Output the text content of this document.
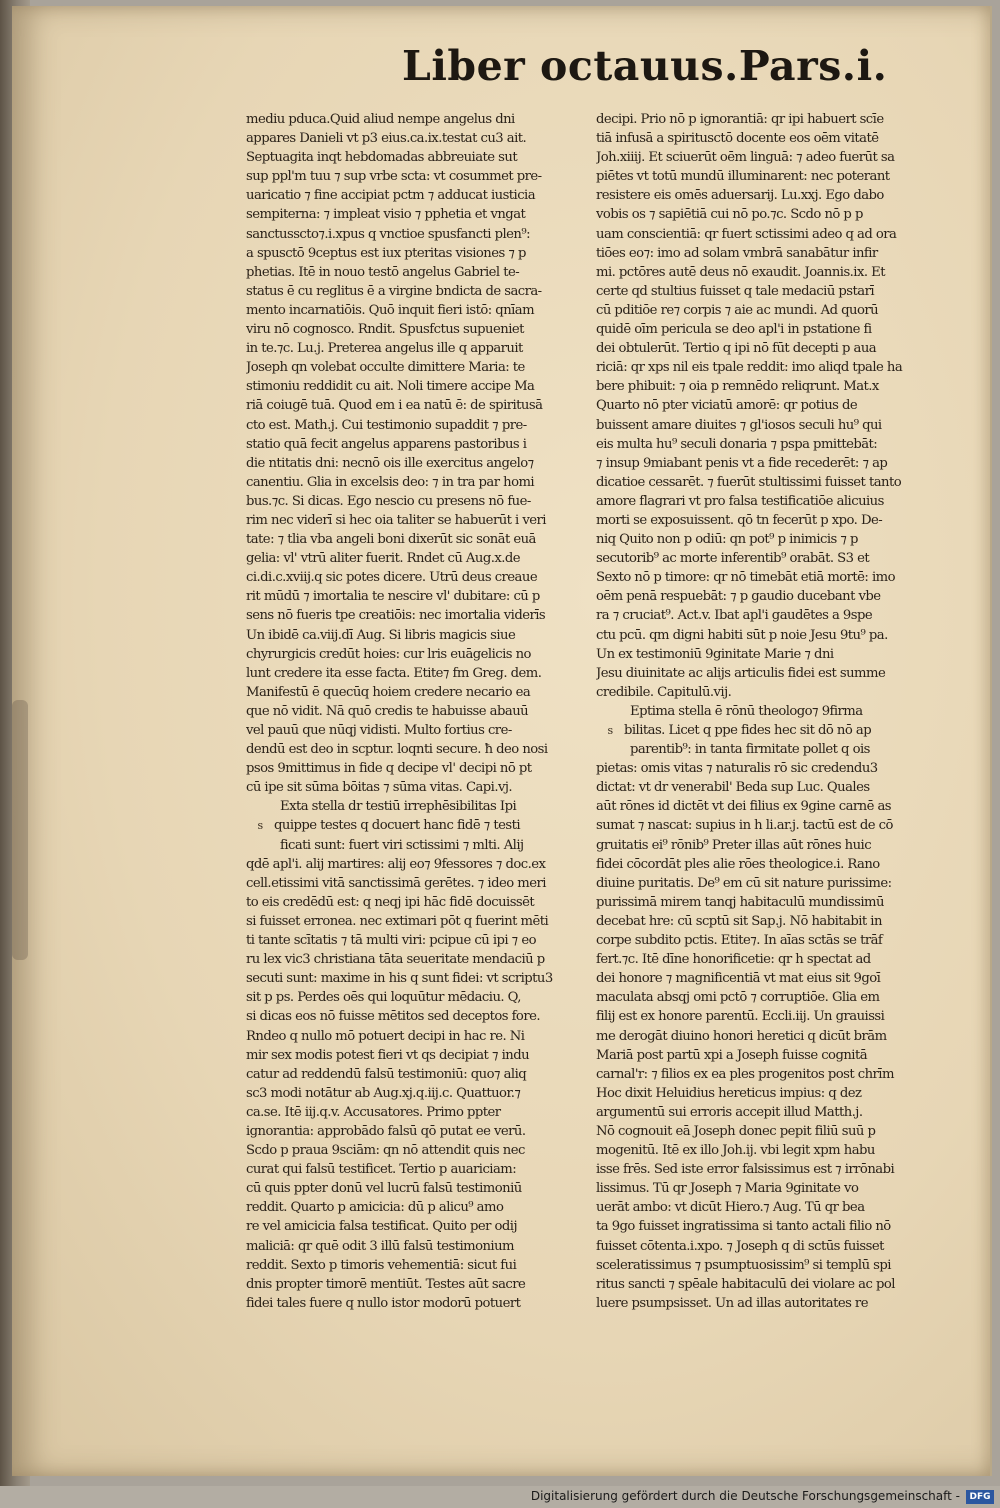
Liber octauus.Pars.i.

mediu pduca.Quid aliud nempe angelus dni

appares Danieli vt p3 eius.ca.ix.testat cu3 ait.

Septuagita inqt hebdomadas abbreuiate sut

sup ppl'm tuu ⁊ sup vrbe scta: vt cosummet pre-

uaricatio ⁊ fine accipiat pctm ⁊ adducat iusticia

sempiterna: ⁊ impleat visio ⁊ pphetia et vngat

sanctusscto⁊.i.xpus q vnctioe spusfancti plen⁹:

a spusctō 9ceptus est iux pteritas visiones ⁊ p

phetias. Itē in nouo testō angelus Gabriel te-

status ē cu reglitus ē a virgine bndicta de sacra-

mento incarnatiōis. Quō inquit fieri istō: qnīam

viru nō cognosco. Rndit. Spusfctus supueniet

in te.⁊c. Lu.j. Preterea angelus ille q apparuit

Joseph qn volebat occulte dimittere Maria: te

stimoniu reddidit cu ait. Noli timere accipe Ma

riā coiugē tuā. Quod em i ea natū ē: de spiritusā

cto est. Math.j. Cui testimonio supaddit ⁊ pre-

statio quā fecit angelus apparens pastoribus i

die ntitatis dni: necnō ois ille exercitus angelo⁊

canentiu. Glia in excelsis deo: ⁊ in tra par homi

bus.⁊c. Si dicas. Ego nescio cu presens nō fue-

rim nec viderī si hec oia taliter se habuerūt i veri

tate: ⁊ tlia vba angeli boni dixerūt sic sonāt euā

gelia: vl' vtrū aliter fuerit. Rndet cū Aug.x.de

ci.di.c.xviij.q sic potes dicere. Utrū deus creaue

rit mūdū ⁊ imortalia te nescire vl' dubitare: cū p

sens nō fueris tpe creatiōis: nec imortalia viderīs

Un ibidē ca.viij.dī Aug. Si libris magicis siue

chyrurgicis credūt hoies: cur lris euāgelicis no

lunt credere ita esse facta. Etite⁊ fm Greg. dem.

Manifestū ē quecūq hoiem credere necario ea

que nō vidit. Nā quō credis te habuisse abauū

vel pauū que nūqj vidisti. Multo fortius cre-

dendū est deo in scptur. loqnti secure. ħ deo nosi

psos 9mittimus in fide q decipe vl' decipi nō pt

cū ipe sit sūma bōitas ⁊ sūma vitas. Capi.vj.

Exta stella dr testiū irrephēsibilitas Ipi

s quippe testes q docuert hanc fidē ⁊ testi

ficati sunt: fuert viri sctissimi ⁊ mlti. Alij

qdē apl'i. alij martires: alij eo⁊ 9fessores ⁊ doc.ex

cell.etissimi vitā sanctissimā gerētes. ⁊ ideo meri

to eis credēdū est: q neqj ipi hāc fidē docuissēt

si fuisset erronea. nec extimari pōt q fuerint mēti

ti tante scītatis ⁊ tā multi viri: pcipue cū ipi ⁊ eo

ru lex vic3 christiana tāta seueritate mendaciū p

secuti sunt: maxime in his q sunt fidei: vt scriptu3

sit p ps. Perdes oēs qui loquūtur mēdaciu. Q,

si dicas eos nō fuisse mētitos sed deceptos fore.

Rndeo q nullo mō potuert decipi in hac re. Ni

mir sex modis potest fieri vt qs decipiat ⁊ indu

catur ad reddendū falsū testimoniū: quo⁊ aliq

sc3 modi notātur ab Aug.xj.q.iij.c. Quattuor.⁊

ca.se. Itē iij.q.v. Accusatores. Primo ppter

ignorantia: approbādo falsū qō putat ee verū.

Scdo p praua 9sciām: qn nō attendit quis nec

curat qui falsū testificet. Tertio p auariciam:

cū quis ppter donū vel lucrū falsū testimoniū

reddit. Quarto p amicicia: dū p alicu⁹ amo

re vel amicicia falsa testificat. Quito per odij

maliciā: qr quē odit 3 illū falsū testimonium

reddit. Sexto p timoris vehementiā: sicut fui

dnis propter timorē mentiūt. Testes aūt sacre

fidei tales fuere q nullo istor modorū potuert

decipi. Prio nō p ignorantiā: qr ipi habuert scīe

tiā infusā a spiritusctō docente eos oēm vitatē

Joh.xiiij. Et sciuerūt oēm linguā: ⁊ adeo fuerūt sa

piētes vt totū mundū illuminarent: nec poterant

resistere eis omēs aduersarij. Lu.xxj. Ego dabo

vobis os ⁊ sapiētiā cui nō po.⁊c. Scdo nō p p

uam conscientiā: qr fuert sctissimi adeo q ad ora

tiōes eo⁊: imo ad solam vmbrā sanabātur infir

mi. pctōres autē deus nō exaudit. Joannis.ix. Et

certe qd stultius fuisset q tale medaciū pstarī

cū pditiōe re⁊ corpis ⁊ aie ac mundi. Ad quorū

quidē oīm pericula se deo apl'i in pstatione fi

dei obtulerūt. Tertio q ipi nō fūt decepti p aua

riciā: qr xps nil eis tpale reddit: imo aliqd tpale ha

bere phibuit: ⁊ oia p remnēdo reliqrunt. Mat.x

Quarto nō pter viciatū amorē: qr potius de

buissent amare diuites ⁊ gl'iosos seculi hu⁹ qui

eis multa hu⁹ seculi donaria ⁊ pspa pmittebāt:

⁊ insup 9miabant penis vt a fide recederēt: ⁊ ap

dicatioe cessarēt. ⁊ fuerūt stultissimi fuisset tanto

amore flagrari vt pro falsa testificatiōe alicuius

morti se exposuissent. qō tn fecerūt p xpo. De-

niq Quito non p odiū: qn pot⁹ p inimicis ⁊ p

secutorib⁹ ac morte inferentib⁹ orabāt. S3 et

Sexto nō p timore: qr nō timebāt etiā mortē: imo

oēm penā respuebāt: ⁊ p gaudio ducebant vbe

ra ⁊ cruciat⁹. Act.v. Ibat apl'i gaudētes a 9spe

ctu pcū. qm digni habiti sūt p noie Jesu 9tu⁹ pa.

Un ex testimoniū 9ginitate Marie ⁊ dni

Jesu diuinitate ac alijs articulis fidei est summe

credibile. Capitulū.vij.

Eptima stella ē rōnū theologo⁊ 9firma

s bilitas. Licet q ppe fides hec sit dō nō ap

parentib⁹: in tanta firmitate pollet q ois

pietas: omis vitas ⁊ naturalis rō sic credendu3

dictat: vt dr venerabil' Beda sup Luc. Quales

aūt rōnes id dictēt vt dei filius ex 9gine carnē as

sumat ⁊ nascat: supius in h li.ar.j. tactū est de cō

gruitatis ei⁹ rōnib⁹ Preter illas aūt rōnes huic

fidei cōcordāt ples alie rōes theologice.i. Rano

diuine puritatis. De⁹ em cū sit nature purissime:

purissimā mirem tanqj habitaculū mundissimū

decebat hre: cū scptū sit Sap.j. Nō habitabit in

corpe subdito pctis. Etite⁊. In aīas sctās se trāf

fert.⁊c. Itē dīne honorificetie: qr h spectat ad

dei honore ⁊ magnificentiā vt mat eius sit 9goī

maculata absqj omi pctō ⁊ corruptiōe. Glia em

filij est ex honore parentū. Eccli.iij. Un grauissi

me derogāt diuino honori heretici q dicūt brām

Mariā post partū xpi a Joseph fuisse cognitā

carnal'r: ⁊ filios ex ea ples progenitos post chrīm

Hoc dixit Heluidius hereticus impius: q dez

argumentū sui erroris accepit illud Matth.j.

Nō cognouit eā Joseph donec pepit filiū suū p

mogenitū. Itē ex illo Joh.ij. vbi legit xpm habu

isse frēs. Sed iste error falsissimus est ⁊ irrōnabi

lissimus. Tū qr Joseph ⁊ Maria 9ginitate vo

uerāt ambo: vt dicūt Hiero.⁊ Aug. Tū qr bea

ta 9go fuisset ingratissima si tanto actali filio nō

fuisset cōtenta.i.xpo. ⁊ Joseph q di sctūs fuisset

sceleratissimus ⁊ psumptuosissim⁹ si templū spi

ritus sancti ⁊ spēale habitaculū dei violare ac pol

luere psumpsisset. Un ad illas autoritates re

Digitalisierung gefördert durch die Deutsche Forschungsgemeinschaft -	DFG
